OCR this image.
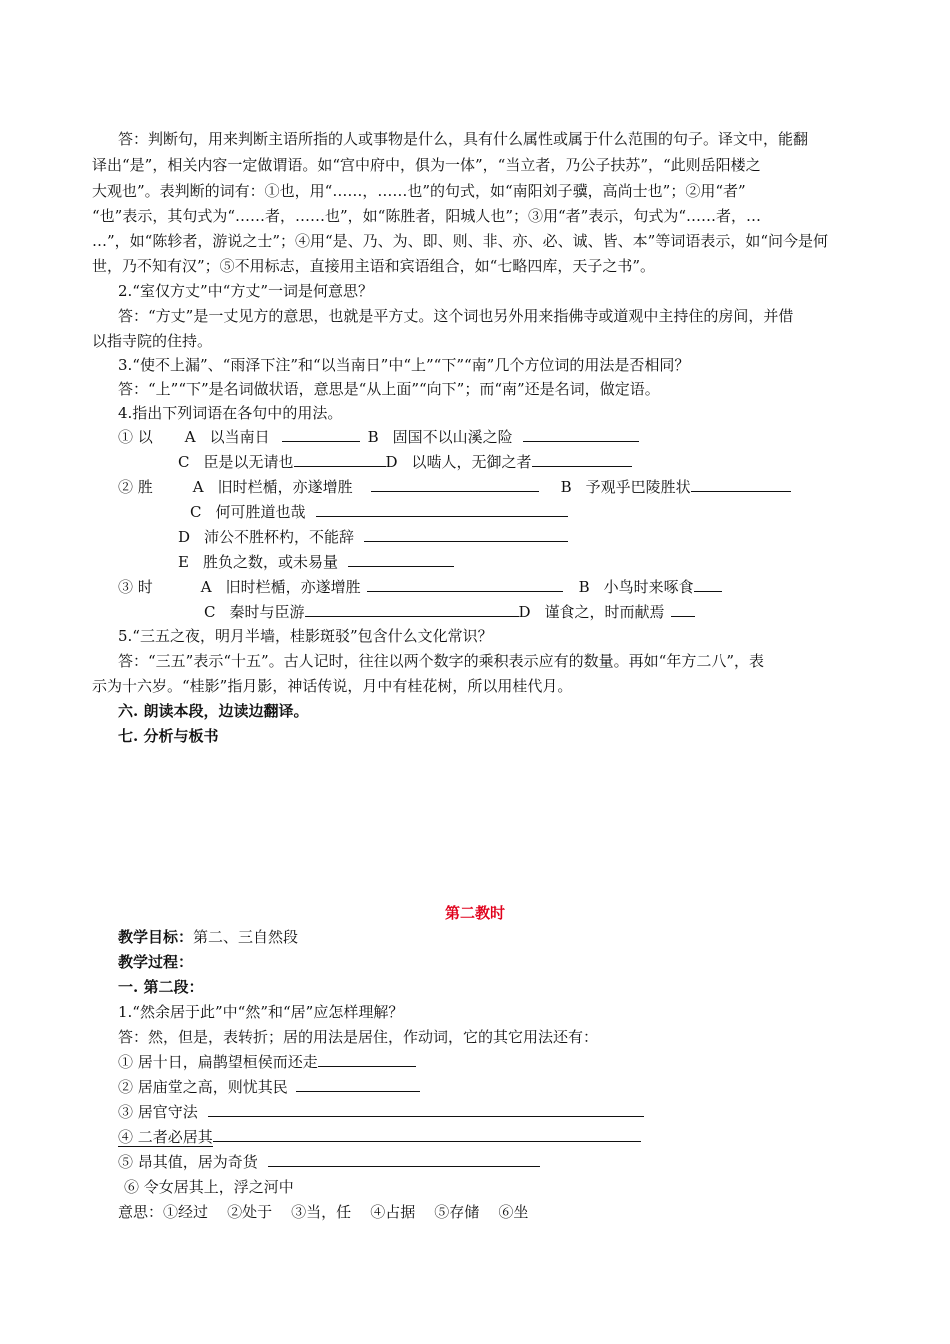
答：判断句，用来判断主语所指的人或事物是什么，具有什么属性或属于什么范围的句子。译文中，能翻
译出“是”，相关内容一定做谓语。如“宫中府中，俱为一体”，“当立者，乃公子扶苏”，“此则岳阳楼之
大观也”。表判断的词有：①也，用“……，……也”的句式，如“南阳刘子骥，高尚士也”；②用“者”
“也”表示，其句式为“……者，……也”，如“陈胜者，阳城人也”；③用“者”表示，句式为“……者，…
…”，如“陈轸者，游说之士”；④用“是、乃、为、即、则、非、亦、必、诚、皆、本”等词语表示，如“问今是何
世，乃不知有汉”；⑤不用标志，直接用主语和宾语组合，如“七略四库，天子之书”。
2.“室仅方丈”中“方丈”一词是何意思？
答：“方丈”是一丈见方的意思，也就是平方丈。这个词也另外用来指佛寺或道观中主持住的房间，并借
以指寺院的住持。
3.“使不上漏”、“雨泽下注”和“以当南日”中“上”“下”“南”几个方位词的用法是否相同？
答：“上”“下”是名词做状语，意思是“从上面”“向下”；而“南”还是名词，做定语。
4.指出下列词语在各句中的用法。
① 以 A 以当南日	B 固国不以山溪之险
C 臣是以无请也	D 以啮人，无御之者
② 胜	A 旧时栏楯，亦遂增胜	B 予观乎巴陵胜状
C 何可胜道也哉
D 沛公不胜杯杓，不能辞
E 胜负之数，或未易量
③ 时	A 旧时栏楯，亦遂增胜	B 小鸟时来啄食
C 秦时与臣游	D 谨食之，时而献焉
5.“三五之夜，明月半墙，桂影斑驳”包含什么文化常识？
答：“三五”表示“十五”。古人记时，往往以两个数字的乘积表示应有的数量。再如“年方二八”，表
示为十六岁。“桂影”指月影，神话传说，月中有桂花树，所以用桂代月。
六. 朗读本段，边读边翻译。
七. 分析与板书
第二教时
教学目标：第二、三自然段
教学过程：
一. 第二段：
1.“然余居于此”中“然”和“居”应怎样理解？
答：然，但是，表转折；居的用法是居住，作动词，它的其它用法还有：
① 居十日，扁鹊望桓侯而还走
② 居庙堂之高，则忧其民
③ 居官守法
④ 二者必居其
⑤ 昂其值，居为奇货
⑥ 令女居其上，浮之河中
意思：①经过    ②处于    ③当，任    ④占据    ⑤存储    ⑥坐
